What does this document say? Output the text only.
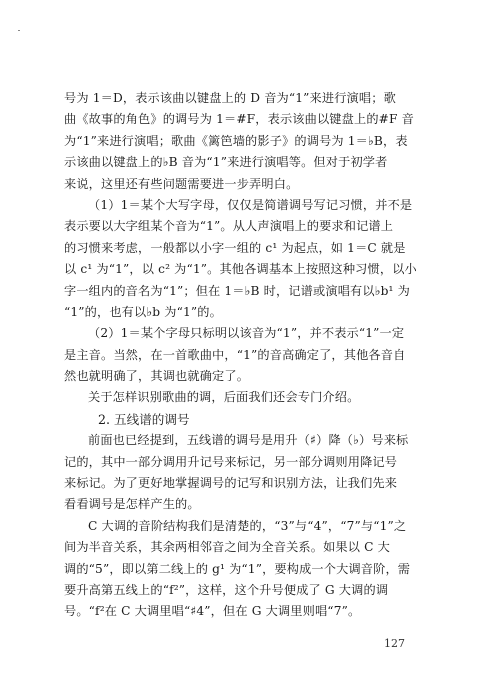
号为 1＝D，表示该曲以键盘上的 D 音为“1”来进行演唱；歌
曲《故事的角色》的调号为 1＝#F，表示该曲以键盘上的#F 音
为“1”来进行演唱；歌曲《篱笆墙的影子》的调号为 1＝♭B，表
示该曲以键盘上的♭B 音为“1”来进行演唱等。但对于初学者
来说，这里还有些问题需要进一步弄明白。
（1）1＝某个大写字母，仅仅是简谱调号写记习惯，并不是
表示要以大字组某个音为“1”。从人声演唱上的要求和记谱上
的习惯来考虑，一般都以小字一组的 c¹ 为起点，如 1＝C 就是
以 c¹ 为“1”，以 c² 为“1”。其他各调基本上按照这种习惯，以小
字一组内的音名为“1”；但在 1＝♭B 时，记谱或演唱有以♭b¹ 为
“1”的，也有以♭b 为“1”的。
（2）1＝某个字母只标明以该音为“1”，并不表示“1”一定
是主音。当然，在一首歌曲中，“1”的音高确定了，其他各音自
然也就明确了，其调也就确定了。
关于怎样识别歌曲的调，后面我们还会专门介绍。
2. 五线谱的调号
前面也已经提到，五线谱的调号是用升（♯）降（♭）号来标
记的，其中一部分调用升记号来标记，另一部分调则用降记号
来标记。为了更好地掌握调号的记写和识别方法，让我们先来
看看调号是怎样产生的。
C 大调的音阶结构我们是清楚的，“3”与“4”，“7”与“1”之
间为半音关系，其余两相邻音之间为全音关系。如果以 C 大
调的“5”，即以第二线上的 g¹ 为“1”，要构成一个大调音阶，需
要升高第五线上的“f²”，这样，这个升号便成了 G 大调的调
号。“f²在 C 大调里唱“♯4”，但在 G 大调里则唱“7”。
127
